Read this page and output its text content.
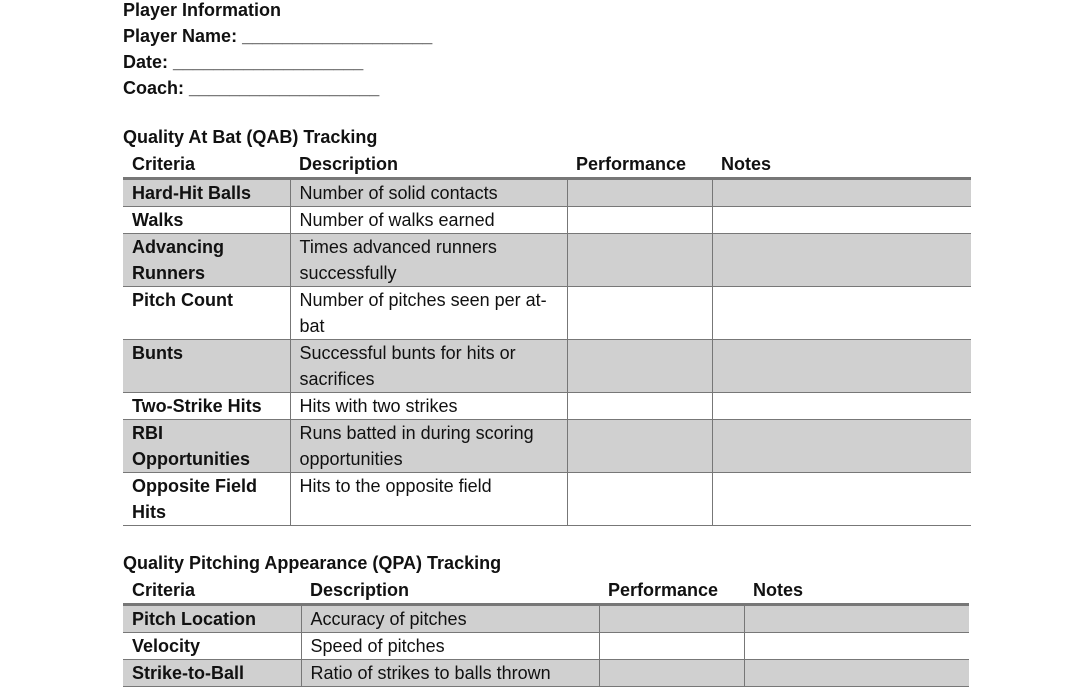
Player Information
Player Name: ___________________
Date: ___________________
Coach: ___________________
Quality At Bat (QAB) Tracking
Criteria	Description	Performance	Notes
Hard-Hit Balls	Number of solid contacts		
Walks	Number of walks earned		
Advancing Runners	Times advanced runners successfully		
Pitch Count	Number of pitches seen per at-bat		
Bunts	Successful bunts for hits or sacrifices		
Two-Strike Hits	Hits with two strikes		
RBI Opportunities	Runs batted in during scoring opportunities		
Opposite Field Hits	Hits to the opposite field		
Quality Pitching Appearance (QPA) Tracking
Criteria	Description	Performance	Notes
Pitch Location	Accuracy of pitches		
Velocity	Speed of pitches		
Strike-to-Ball	Ratio of strikes to balls thrown		
